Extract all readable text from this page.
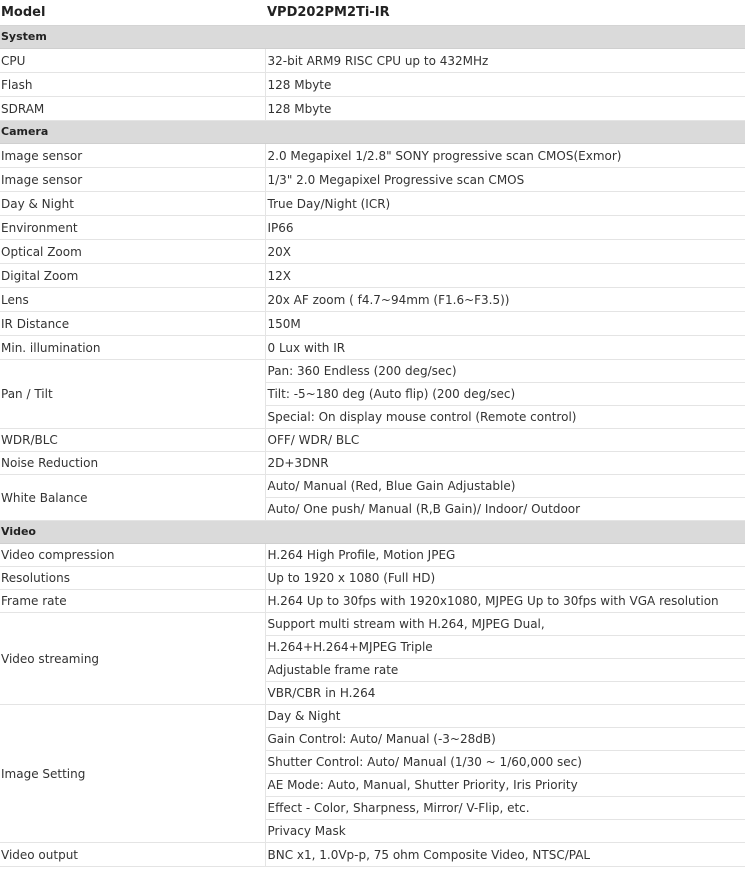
Model	VPD202PM2Ti-IR
System	
CPU	32-bit ARM9 RISC CPU up to 432MHz
Flash	128 Mbyte
SDRAM	128 Mbyte
Camera	
Image sensor	2.0 Megapixel 1/2.8" SONY progressive scan CMOS(Exmor)
Image sensor	1/3" 2.0 Megapixel Progressive scan CMOS
Day & Night	True Day/Night (ICR)
Environment	IP66
Optical Zoom	20X
Digital Zoom	12X
Lens	20x AF zoom ( f4.7~94mm (F1.6~F3.5))
IR Distance	150M
Min. illumination	0 Lux with IR
Pan / Tilt	Pan: 360 Endless (200 deg/sec)
	Tilt: -5~180 deg (Auto flip) (200 deg/sec)
	Special: On display mouse control (Remote control)
WDR/BLC	OFF/ WDR/ BLC
Noise Reduction	2D+3DNR
White Balance	Auto/ Manual (Red, Blue Gain Adjustable)
	Auto/ One push/ Manual (R,B Gain)/ Indoor/ Outdoor
Video	
Video compression	H.264 High Profile, Motion JPEG
Resolutions	Up to 1920 x 1080 (Full HD)
Frame rate	H.264 Up to 30fps with 1920x1080, MJPEG Up to 30fps with VGA resolution
Video streaming	Support multi stream with H.264, MJPEG Dual,
	H.264+H.264+MJPEG Triple
	Adjustable frame rate
	VBR/CBR in H.264
Image Setting	Day & Night
	Gain Control: Auto/ Manual (-3~28dB)
	Shutter Control: Auto/ Manual (1/30 ~ 1/60,000 sec)
	AE Mode: Auto, Manual, Shutter Priority, Iris Priority
	Effect - Color, Sharpness, Mirror/ V-Flip, etc.
	Privacy Mask
Video output	BNC x1, 1.0Vp-p, 75 ohm Composite Video, NTSC/PAL
